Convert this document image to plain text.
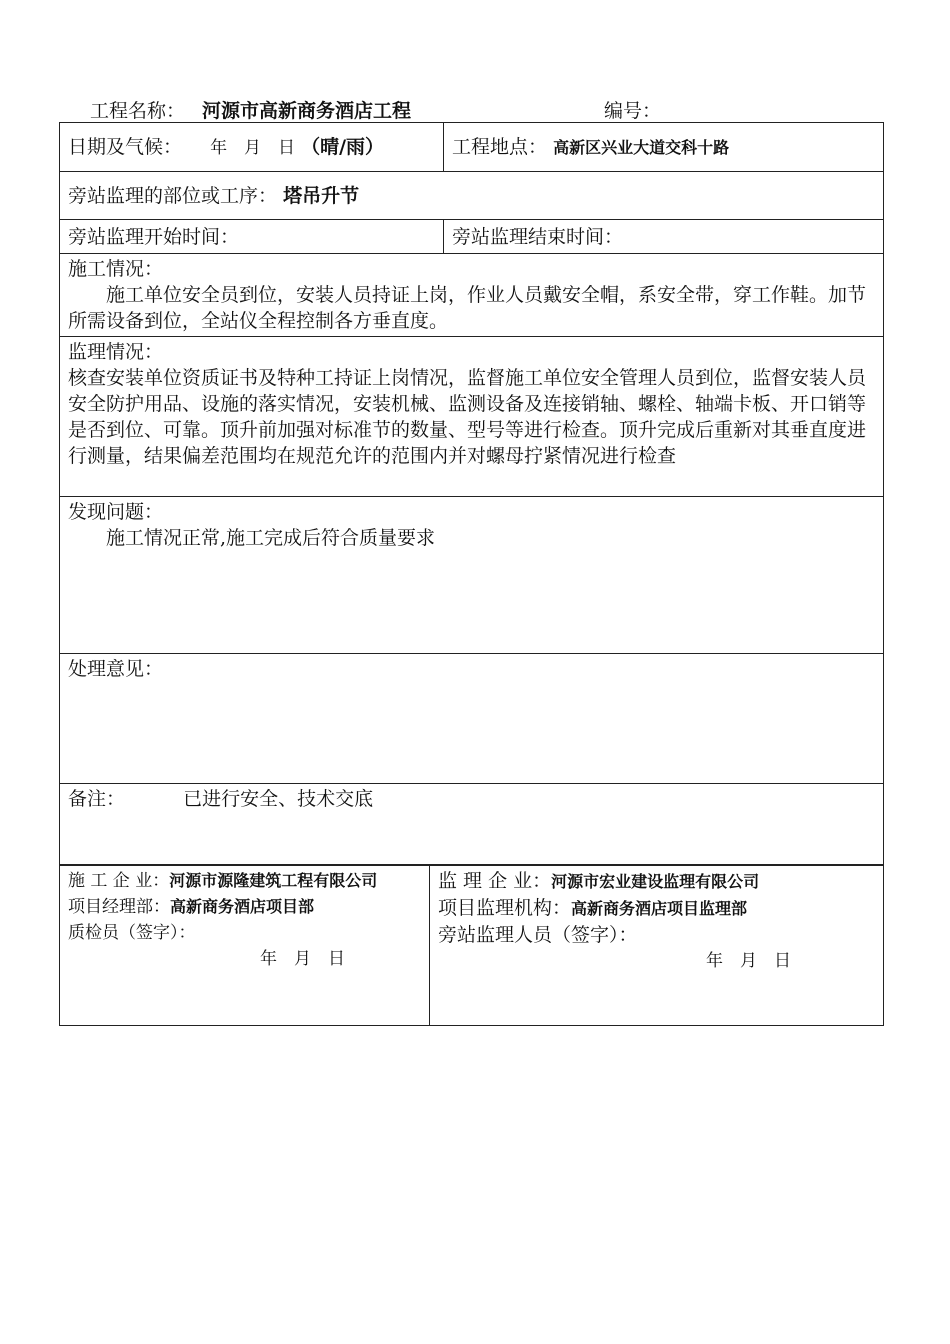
工程名称： 河源市高新商务酒店工程	编号：
日期及气候： 年　月　日 （晴/雨）	工程地点： 高新区兴业大道交科十路
旁站监理的部位或工序： 塔吊升节	
旁站监理开始时间：	旁站监理结束时间：

施工情况：
施工单位安全员到位，安装人员持证上岗，作业人员戴安全帽，系安全带，穿工作鞋。加节所需设备到位，全站仪全程控制各方垂直度。	

监理情况：
核查安装单位资质证书及特种工持证上岗情况，监督施工单位安全管理人员到位，监督安装人员安全防护用品、设施的落实情况，安装机械、监测设备及连接销轴、螺栓、轴端卡板、开口销等是否到位、可靠。顶升前加强对标准节的数量、型号等进行检查。顶升完成后重新对其垂直度进行测量，结果偏差范围均在规范允许的范围内并对螺母拧紧情况进行检查	

发现问题：
施工情况正常,施工完成后符合质量要求	

处理意见：	

备注： 已进行安全、技术交底	
施 工 企 业：河源市源隆建筑工程有限公司
项目经理部：高新商务酒店项目部
质检员（签字）：
年　月　日

监 理 企 业：河源市宏业建设监理有限公司
项目监理机构：高新商务酒店项目监理部
旁站监理人员（签字）：
年　月　日
